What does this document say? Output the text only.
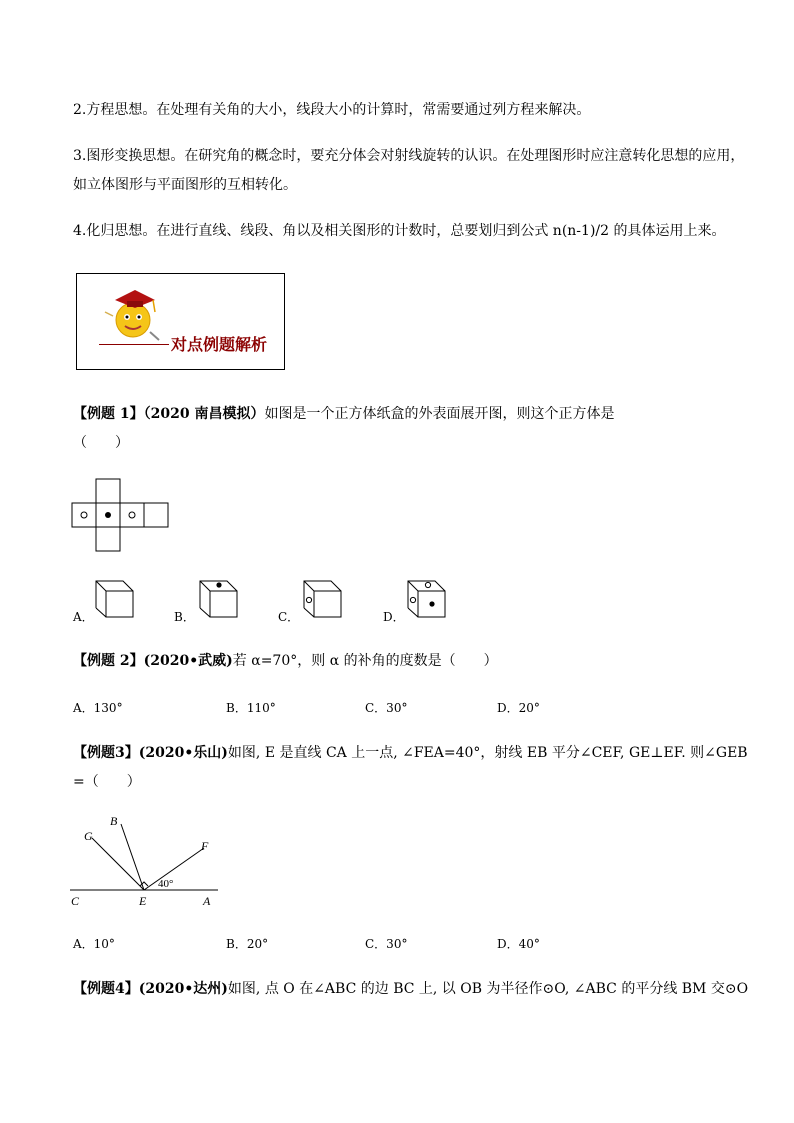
2.方程思想。在处理有关角的大小，线段大小的计算时，常需要通过列方程来解决。
3.图形变换思想。在研究角的概念时，要充分体会对射线旋转的认识。在处理图形时应注意转化思想的应用，
如立体图形与平面图形的互相转化。
4.化归思想。在进行直线、线段、角以及相关图形的计数时，总要划归到公式 n(n-1)/2 的具体运用上来。
对点例题解析
【例题 1】（2020 南昌模拟）如图是一个正方体纸盒的外表面展开图，则这个正方体是
（　　）
A．	B．	C．	D．
【例题 2】(2020•武威)若 α=70°，则 α 的补角的度数是（　　）
A．130°	B．110°	C．30°	D．20°
【例题3】(2020•乐山)如图, E 是直线 CA 上一点, ∠FEA=40°，射线 EB 平分∠CEF, GE⊥EF. 则∠GEB
=（　　）
G
B
F
C	E	A
40°
A．10°	B．20°	C．30°	D．40°
【例题4】(2020•达州)如图, 点 O 在∠ABC 的边 BC 上, 以 OB 为半径作⊙O, ∠ABC 的平分线 BM 交⊙O
